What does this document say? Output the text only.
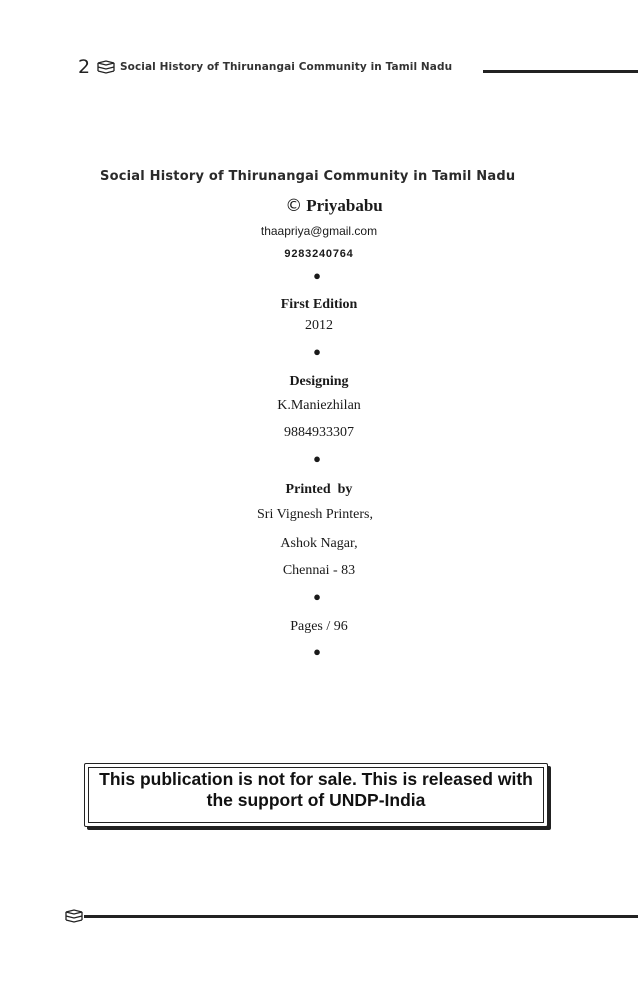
2	Social History of Thirunangai Community in Tamil Nadu
Social History of Thirunangai Community in Tamil Nadu
© Priyababu
thaapriya@gmail.com
9283240764
●
First Edition
2012
●
Designing
K.Maniezhilan
9884933307
●
Printed  by
Sri Vignesh Printers,
Ashok Nagar,
Chennai - 83
●
Pages / 96
●
This publication is not for sale. This is released with
the support of UNDP-India
